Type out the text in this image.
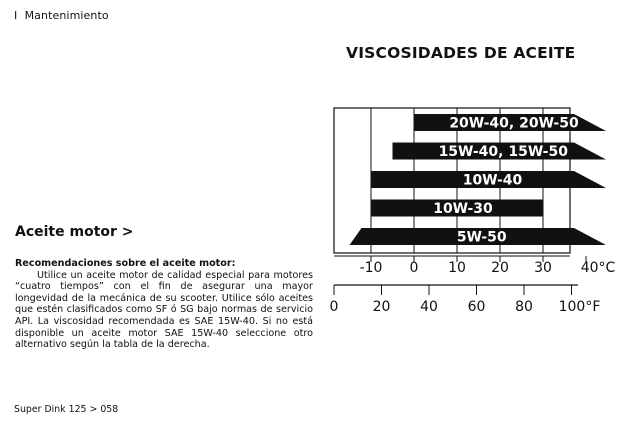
I Mantenimiento
VISCOSIDADES DE ACEITE
20W-40, 20W-50
15W-40, 15W-50
10W-40
10W-30
5W-50
-10 0 10 20 30 40°C
0 20 40 60 80 100°F
Aceite motor >
Recomendaciones sobre el aceite motor:
Utilice un aceite motor de calidad especial para motores “cuatro tiempos” con el fin de asegurar una mayor longevidad de la mecánica de su scooter. Utilice sólo aceites que estén clasificados como SF ó SG bajo normas de servicio API. La viscosidad recomendada es SAE 15W-40. Si no está disponible un aceite motor SAE 15W-40 seleccione otro alternativo según la tabla de la derecha.
Super Dink 125 > 058
